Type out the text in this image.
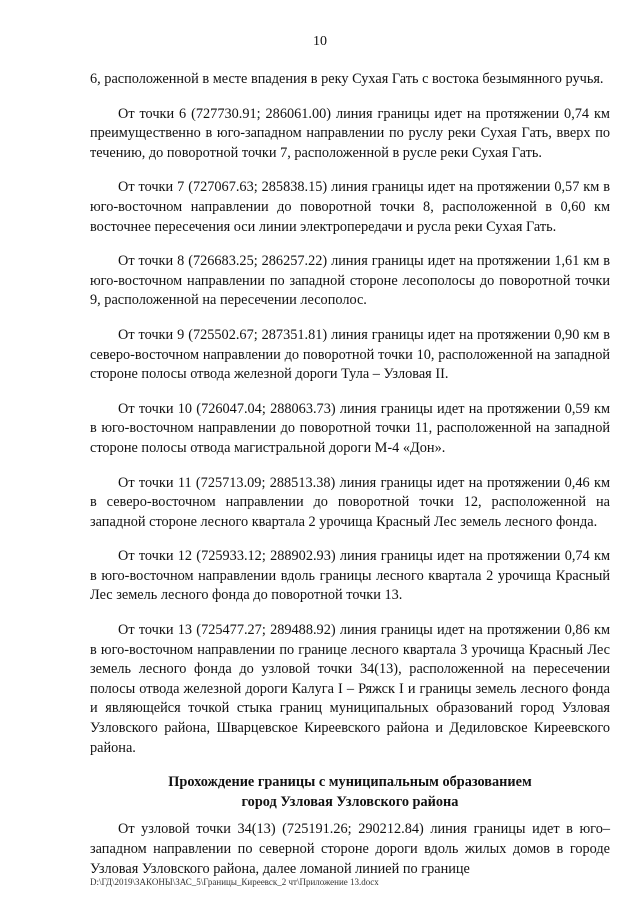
10

6, расположенной в месте впадения в реку Сухая Гать с востока безымянного ручья.

От точки 6 (727730.91; 286061.00) линия границы идет на протяжении 0,74 км преимущественно в юго-западном направлении по руслу реки Сухая Гать, вверх по течению, до поворотной точки 7, расположенной в русле реки Сухая Гать.

От точки 7 (727067.63; 285838.15) линия границы идет на протяжении 0,57 км в юго-восточном направлении до поворотной точки 8, расположенной в 0,60 км восточнее пересечения оси линии электропередачи и русла реки Сухая Гать.

От точки 8 (726683.25; 286257.22) линия границы идет на протяжении 1,61 км в юго-восточном направлении по западной стороне лесополосы до поворотной точки 9, расположенной на пересечении лесополос.

От точки 9 (725502.67; 287351.81) линия границы идет на протяжении 0,90 км в северо-восточном направлении до поворотной точки 10, расположенной на западной стороне полосы отвода железной дороги Тула – Узловая II.

От точки 10 (726047.04; 288063.73) линия границы идет на протяжении 0,59 км в юго-восточном направлении до поворотной точки 11, расположенной на западной стороне полосы отвода магистральной дороги М-4 «Дон».

От точки 11 (725713.09; 288513.38) линия границы идет на протяжении 0,46 км в северо-восточном направлении до поворотной точки 12, расположенной на западной стороне лесного квартала 2 урочища Красный Лес земель лесного фонда.

От точки 12 (725933.12; 288902.93) линия границы идет на протяжении 0,74 км в юго-восточном направлении вдоль границы лесного квартала 2 урочища Красный Лес земель лесного фонда до поворотной точки 13.

От точки 13 (725477.27; 289488.92) линия границы идет на протяжении 0,86 км в юго-восточном направлении по границе лесного квартала 3 урочища Красный Лес земель лесного фонда до узловой точки 34(13), расположенной на пересечении полосы отвода железной дороги Калуга I – Ряжск I и границы земель лесного фонда и являющейся точкой стыка границ муниципальных образований город Узловая Узловского района, Шварцевское Киреевского района и Дедиловское Киреевского района.

Прохождение границы с муниципальным образованием
город Узловая Узловского района

От узловой точки 34(13) (725191.26; 290212.84) линия границы идет в юго–западном направлении по северной стороне дороги вдоль жилых домов в городе Узловая Узловского района, далее ломаной линией по границе

D:\ГД\2019\ЗАКОНЫ\ЗАС_5\Границы_Киреевск_2 чт\Приложение 13.docx
